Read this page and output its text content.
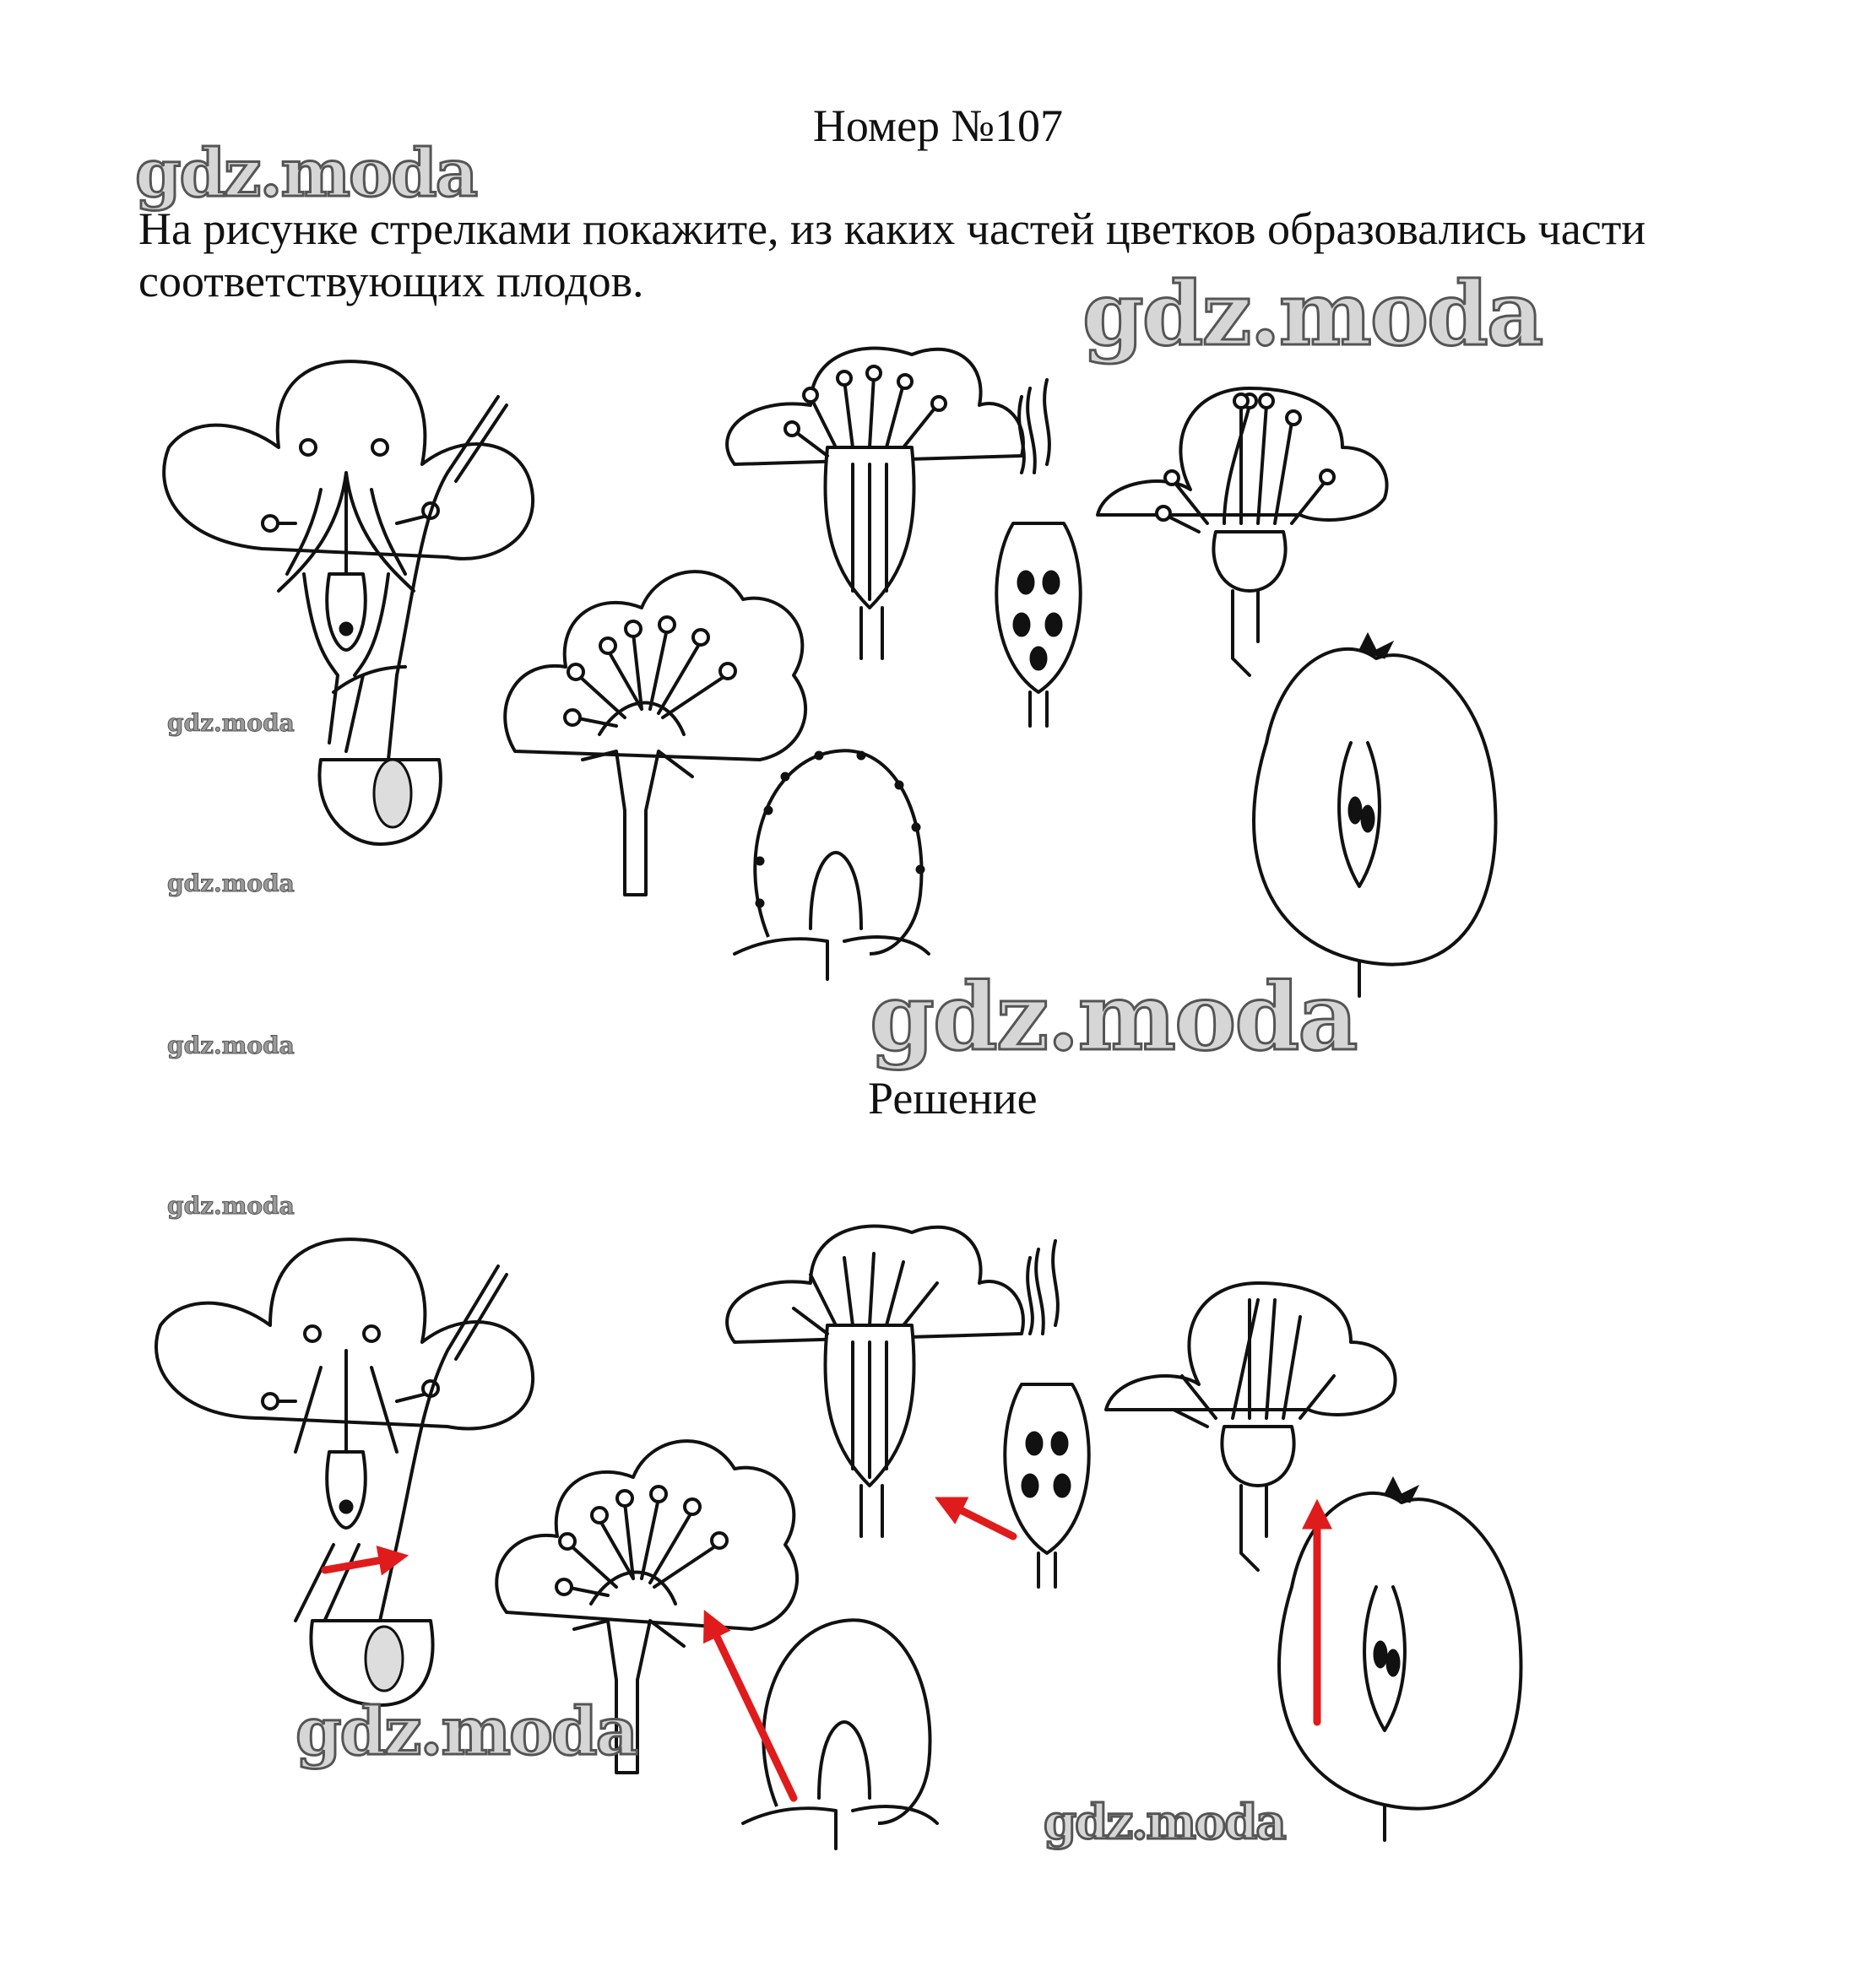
Номер №107
gdz.moda
На рисунке стрелками покажите, из каких частей цветков образовались части соответствующих плодов.	gdz.moda
gdz.moda
gdz.moda
gdz.moda
gdz.moda
Решение
gdz.moda
gdz.moda
gdz.moda
